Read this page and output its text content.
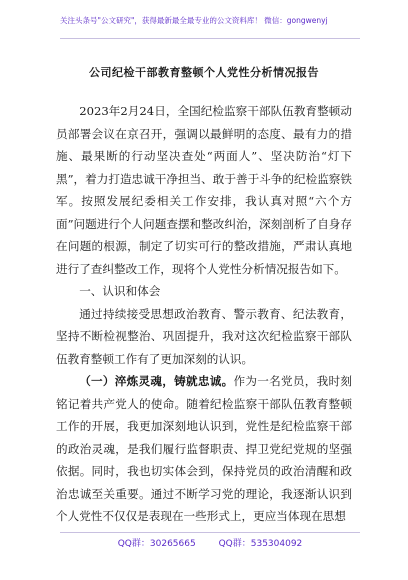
关注头条号"公文研究"，获得最新最全最专业的公文资料库！ 微信：gongwenyj
公司纪检干部教育整顿个人党性分析情况报告

2023年2月24日，全国纪检监察干部队伍教育整顿动员部署会议在京召开，强调以最鲜明的态度、最有力的措施、最果断的行动坚决查处“两面人”、坚决防治“灯下黑”，着力打造忠诚干净担当、敢于善于斗争的纪检监察铁军。按照发展纪委相关工作安排，我认真对照“六个方面”问题进行个人问题查摆和整改纠治，深刻剖析了自身存在问题的根源，制定了切实可行的整改措施，严肃认真地进行了查纠整改工作，现将个人党性分析情况报告如下。

一、认识和体会

通过持续接受思想政治教育、警示教育、纪法教育，坚持不断检视整治、巩固提升，我对这次纪检监察干部队伍教育整顿工作有了更加深刻的认识。

（一）淬炼灵魂，铸就忠诚。作为一名党员，我时刻铭记着共产党人的使命。随着纪检监察干部队伍教育整顿工作的开展，我更加深刻地认识到，党性是纪检监察干部的政治灵魂，是我们履行监督职责、捍卫党纪党规的坚强依据。同时，我也切实体会到，保持党员的政治清醒和政治忠诚至关重要。通过不断学习党的理论，我逐渐认识到个人党性不仅仅是表现在一些形式上，更应当体现在思想

QQ群：30265665	QQ群：535304092
